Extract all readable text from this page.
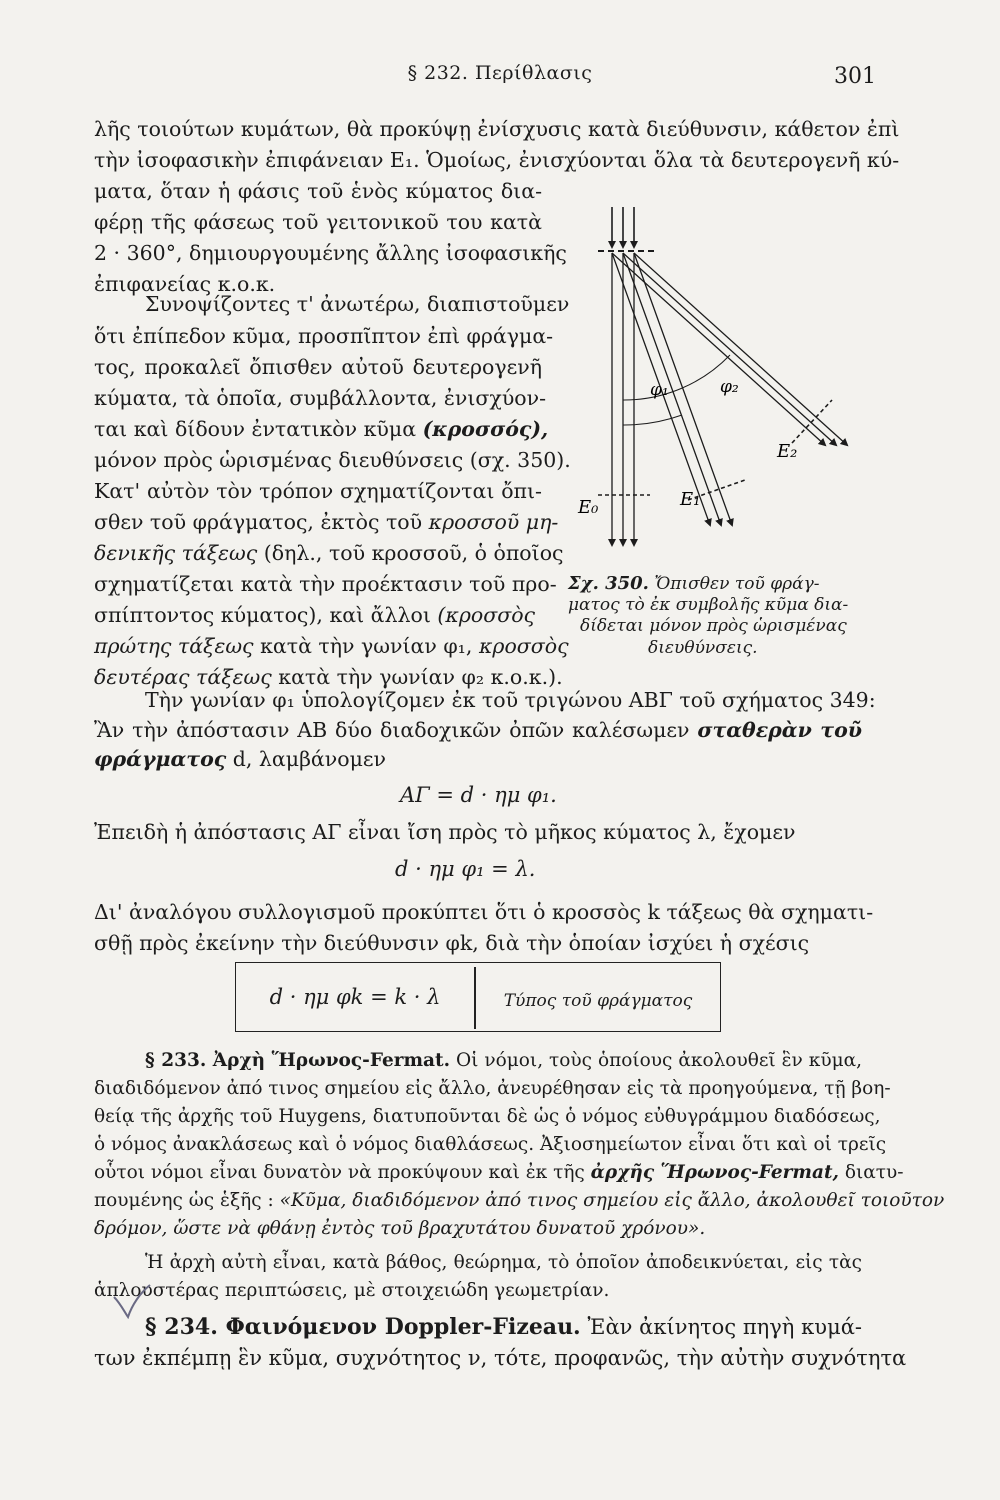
§ 232. Περίθλασις	301
λῆς τοιούτων κυμάτων, θὰ προκύψῃ ἐνίσχυσις κατὰ διεύθυνσιν, κάθετον ἐπὶ
τὴν ἰσοφασικὴν ἐπιφάνειαν E₁. Ὁμοίως, ἐνισχύονται ὅλα τὰ δευτερογενῆ κύ-
ματα, ὅταν ἡ φάσις τοῦ ἑνὸς κύματος δια-
φέρῃ τῆς φάσεως τοῦ γειτονικοῦ του κατὰ
2 · 360°, δημιουργουμένης ἄλλης ἰσοφασικῆς
ἐπιφανείας κ.ο.κ.
Συνοψίζοντες τ' ἀνωτέρω, διαπιστοῦμεν
ὅτι ἐπίπεδον κῦμα, προσπῖπτον ἐπὶ φράγμα-
τος, προκαλεῖ ὄπισθεν αὐτοῦ δευτερογενῆ
κύματα, τὰ ὁποῖα, συμβάλλοντα, ἐνισχύον-
ται καὶ δίδουν ἐντατικὸν κῦμα (κροσσός),
μόνον πρὸς ὡρισμένας διευθύνσεις (σχ. 350).
Κατ' αὐτὸν τὸν τρόπον σχηματίζονται ὄπι-
σθεν τοῦ φράγματος, ἐκτὸς τοῦ κροσσοῦ μη-
δενικῆς τάξεως (δηλ., τοῦ κροσσοῦ, ὁ ὁποῖος
σχηματίζεται κατὰ τὴν προέκτασιν τοῦ προ-
σπίπτοντος κύματος), καὶ ἄλλοι (κροσσὸς
πρώτης τάξεως κατὰ τὴν γωνίαν φ₁, κροσσὸς
δευτέρας τάξεως κατὰ τὴν γωνίαν φ₂ κ.ο.κ.).
φ₁	φ₂
E₀	E₁
E₂
Σχ. 350. Ὄπισθεν τοῦ φράγ-
ματος τὸ ἐκ συμβολῆς κῦμα δια-
δίδεται μόνον πρὸς ὡρισμένας
διευθύνσεις.
Τὴν γωνίαν φ₁ ὑπολογίζομεν ἐκ τοῦ τριγώνου ΑΒΓ τοῦ σχήματος 349:
Ἂν τὴν ἀπόστασιν ΑΒ δύο διαδοχικῶν ὀπῶν καλέσωμεν σταθερὰν τοῦ
φράγματος d, λαμβάνομεν
ΑΓ = d · ημ φ₁.
Ἐπειδὴ ἡ ἀπόστασις ΑΓ εἶναι ἴση πρὸς τὸ μῆκος κύματος λ, ἔχομεν
d · ημ φ₁ = λ.
Δι' ἀναλόγου συλλογισμοῦ προκύπτει ὅτι ὁ κροσσὸς k τάξεως θὰ σχηματι-
σθῇ πρὸς ἐκείνην τὴν διεύθυνσιν φk, διὰ τὴν ὁποίαν ἰσχύει ἡ σχέσις
d · ημ φk = k · λ	Τύπος τοῦ φράγματος
§ 233. Ἀρχὴ Ἥρωνος-Fermat. Οἱ νόμοι, τοὺς ὁποίους ἀκολουθεῖ ἓν κῦμα,
διαδιδόμενον ἀπό τινος σημείου εἰς ἄλλο, ἀνευρέθησαν εἰς τὰ προηγούμενα, τῇ βοη-
θείᾳ τῆς ἀρχῆς τοῦ Huygens, διατυποῦνται δὲ ὡς ὁ νόμος εὐθυγράμμου διαδόσεως,
ὁ νόμος ἀνακλάσεως καὶ ὁ νόμος διαθλάσεως. Ἀξιοσημείωτον εἶναι ὅτι καὶ οἱ τρεῖς
οὗτοι νόμοι εἶναι δυνατὸν νὰ προκύψουν καὶ ἐκ τῆς ἀρχῆς Ἥρωνος-Fermat, διατυ-
πουμένης ὡς ἑξῆς : «Κῦμα, διαδιδόμενον ἀπό τινος σημείου εἰς ἄλλο, ἀκολουθεῖ τοιοῦτον
δρόμον, ὥστε νὰ φθάνῃ ἐντὸς τοῦ βραχυτάτου δυνατοῦ χρόνου».
Ἡ ἀρχὴ αὐτὴ εἶναι, κατὰ βάθος, θεώρημα, τὸ ὁποῖον ἀποδεικνύεται, εἰς τὰς
ἁπλουστέρας περιπτώσεις, μὲ στοιχειώδη γεωμετρίαν.
§ 234. Φαινόμενον Doppler-Fizeau. Ἐὰν ἀκίνητος πηγὴ κυμά-
των ἐκπέμπῃ ἓν κῦμα, συχνότητος ν, τότε, προφανῶς, τὴν αὐτὴν συχνότητα
